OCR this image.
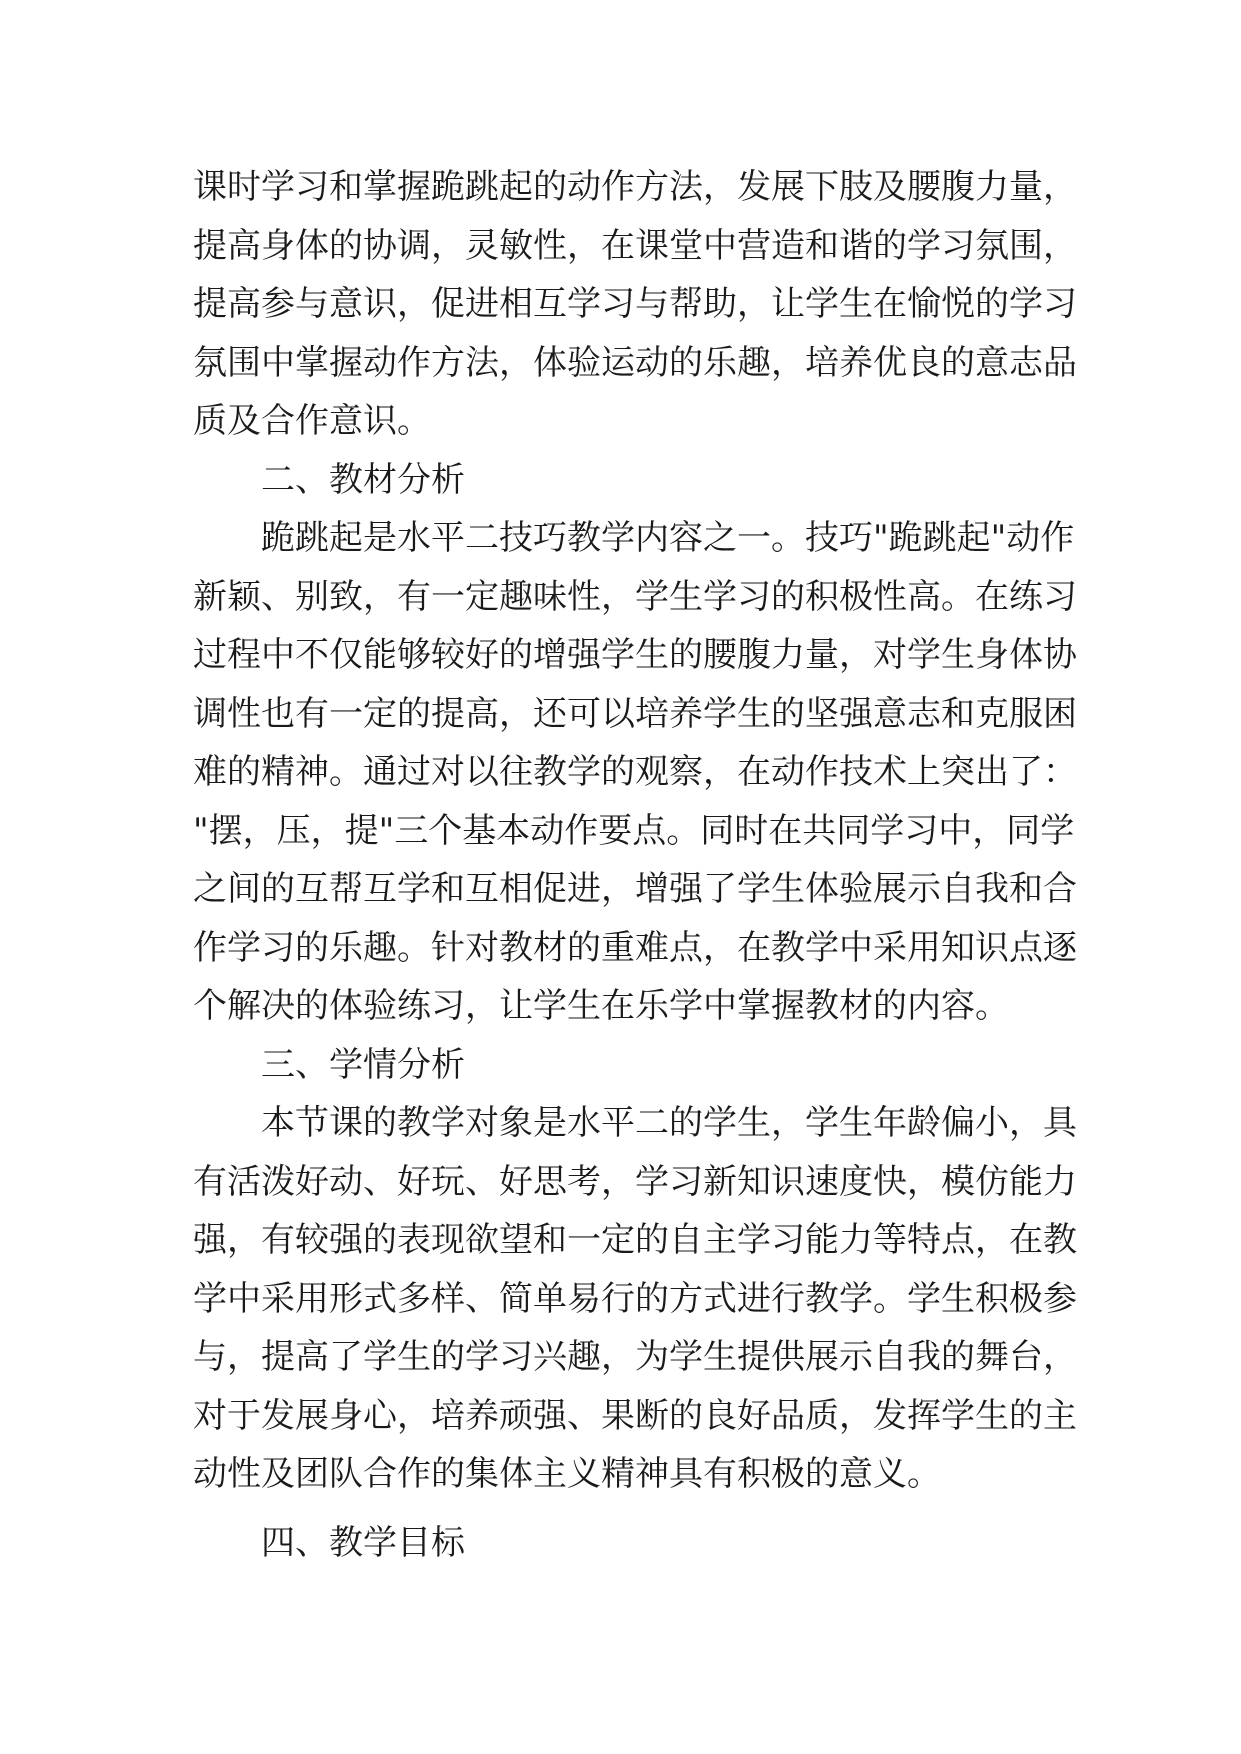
课时学习和掌握跪跳起的动作方法，发展下肢及腰腹力量，
提高身体的协调，灵敏性，在课堂中营造和谐的学习氛围，
提高参与意识，促进相互学习与帮助，让学生在愉悦的学习
氛围中掌握动作方法，体验运动的乐趣，培养优良的意志品
质及合作意识。
二、教材分析
跪跳起是水平二技巧教学内容之一。技巧"跪跳起"动作
新颖、别致，有一定趣味性，学生学习的积极性高。在练习
过程中不仅能够较好的增强学生的腰腹力量，对学生身体协
调性也有一定的提高，还可以培养学生的坚强意志和克服困
难的精神。通过对以往教学的观察，在动作技术上突出了：
"摆，压，提"三个基本动作要点。同时在共同学习中，同学
之间的互帮互学和互相促进，增强了学生体验展示自我和合
作学习的乐趣。针对教材的重难点，在教学中采用知识点逐
个解决的体验练习，让学生在乐学中掌握教材的内容。
三、学情分析
本节课的教学对象是水平二的学生，学生年龄偏小，具
有活泼好动、好玩、好思考，学习新知识速度快，模仿能力
强，有较强的表现欲望和一定的自主学习能力等特点，在教
学中采用形式多样、简单易行的方式进行教学。学生积极参
与，提高了学生的学习兴趣，为学生提供展示自我的舞台，
对于发展身心，培养顽强、果断的良好品质，发挥学生的主
动性及团队合作的集体主义精神具有积极的意义。
四、教学目标
